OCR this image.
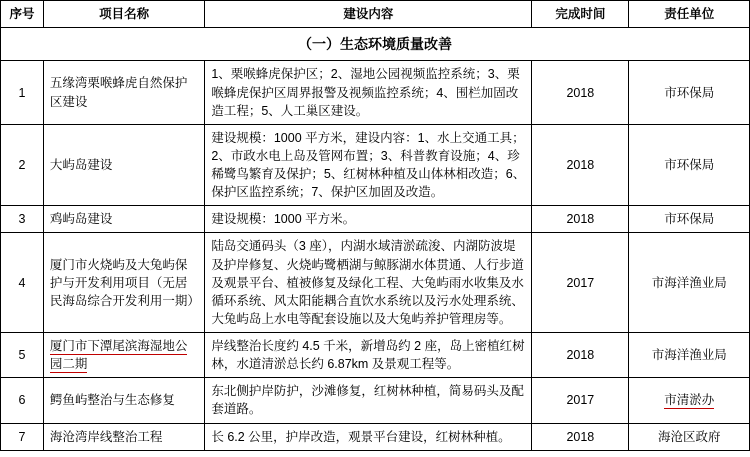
序号	项目名称	建设内容	完成时间	责任单位
（一）生态环境质量改善				
1	五缘湾栗喉蜂虎自然保护区建设	1、栗喉蜂虎保护区；2、湿地公园视频监控系统；3、栗喉蜂虎保护区周界报警及视频监控系统；4、围栏加固改造工程；5、人工巢区建设。	2018	市环保局
2	大屿岛建设	建设规模：1000 平方米，建设内容：1、水上交通工具；2、市政水电上岛及管网布置；3、科普教育设施；4、珍稀鹭鸟繁育及保护；5、红树林种植及山体林相改造；6、保护区监控系统；7、保护区加固及改造。	2018	市环保局
3	鸡屿岛建设	建设规模：1000 平方米。	2018	市环保局
4	厦门市火烧屿及大兔屿保护与开发利用项目（无居民海岛综合开发利用一期）	陆岛交通码头（3 座），内湖水域清淤疏浚、内湖防波堤及护岸修复、火烧屿鹭栖湖与鲸豚湖水体贯通、人行步道及观景平台、植被修复及绿化工程、大兔屿雨水收集及水循环系统、风太阳能耦合直饮水系统以及污水处理系统、大兔屿岛上水电等配套设施以及大兔屿养护管理房等。	2017	市海洋渔业局
5	厦门市下潭尾滨海湿地公园二期	岸线整治长度约 4.5 千米，新增岛约 2 座，岛上密植红树林，水道清淤总长约 6.87km 及景观工程等。	2018	市海洋渔业局
6	鳄鱼屿整治与生态修复	东北侧护岸防护，沙滩修复，红树林种植，简易码头及配套道路。	2017	市清淤办
7	海沧湾岸线整治工程	长 6.2 公里，护岸改造，观景平台建设，红树林种植。	2018	海沧区政府
